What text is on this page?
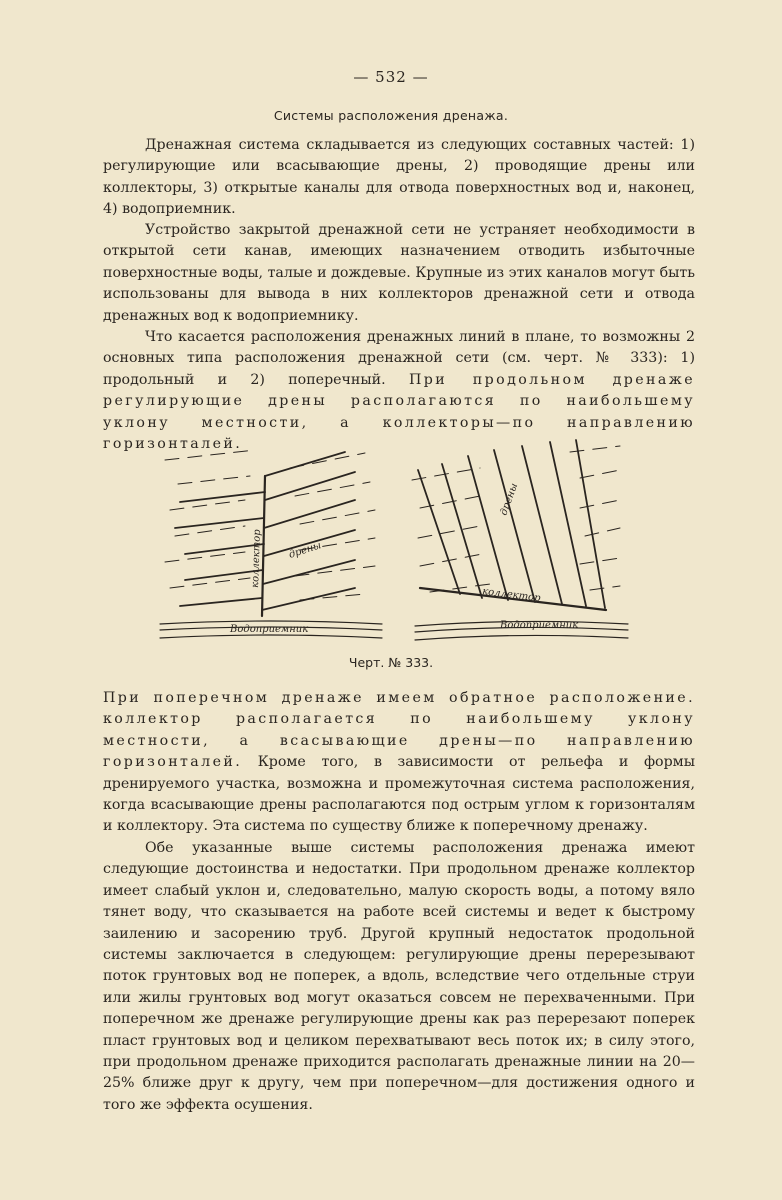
— 532 —
Системы расположения дренажа.
Дренажная система складывается из следующих составных частей: 1) регулирующие или всасывающие дрены, 2) проводящие дрены или коллекторы, 3) открытые каналы для отвода поверхностных вод и, наконец, 4) водоприемник.
Устройство закрытой дренажной сети не устраняет необходимости в открытой сети канав, имеющих назначением отводить избыточные поверхностные воды, талые и дождевые. Крупные из этих каналов могут быть использованы для вывода в них коллекторов дренажной сети и отвода дренажных вод к водоприемнику.
Что касается расположения дренажных линий в плане, то возможны 2 основных типа расположения дренажной сети (см. черт. № 333): 1) продольный и 2) поперечный. При продольном дренаже регулирующие дрены располагаются по наибольшему уклону местности, а коллекторы—по направлению горизонталей.
коллектор дрены
Водоприемник
дрены
коллектор
Водоприемник
Черт. № 333.
При поперечном дренаже имеем обратное расположение. коллектор располагается по наибольшему уклону местности, а всасывающие дрены—по направлению горизонталей. Кроме того, в зависимости от рельефа и формы дренируемого участка, возможна и промежуточная система расположения, когда всасывающие дрены располагаются под острым углом к горизонталям и коллектору. Эта система по существу ближе к поперечному дренажу.
Обе указанные выше системы расположения дренажа имеют следующие достоинства и недостатки. При продольном дренаже коллектор имеет слабый уклон и, следовательно, малую скорость воды, а потому вяло тянет воду, что сказывается на работе всей системы и ведет к быстрому заилению и засорению труб. Другой крупный недостаток продольной системы заключается в следующем: регулирующие дрены перерезывают поток грунтовых вод не поперек, а вдоль, вследствие чего отдельные струи или жилы грунтовых вод могут оказаться совсем не перехваченными. При поперечном же дренаже регулирующие дрены как раз перерезают поперек пласт грунтовых вод и целиком перехватывают весь поток их; в силу этого, при продольном дренаже приходится располагать дренажные линии на 20—25% ближе друг к другу, чем при поперечном—для достижения одного и того же эффекта осушения.
